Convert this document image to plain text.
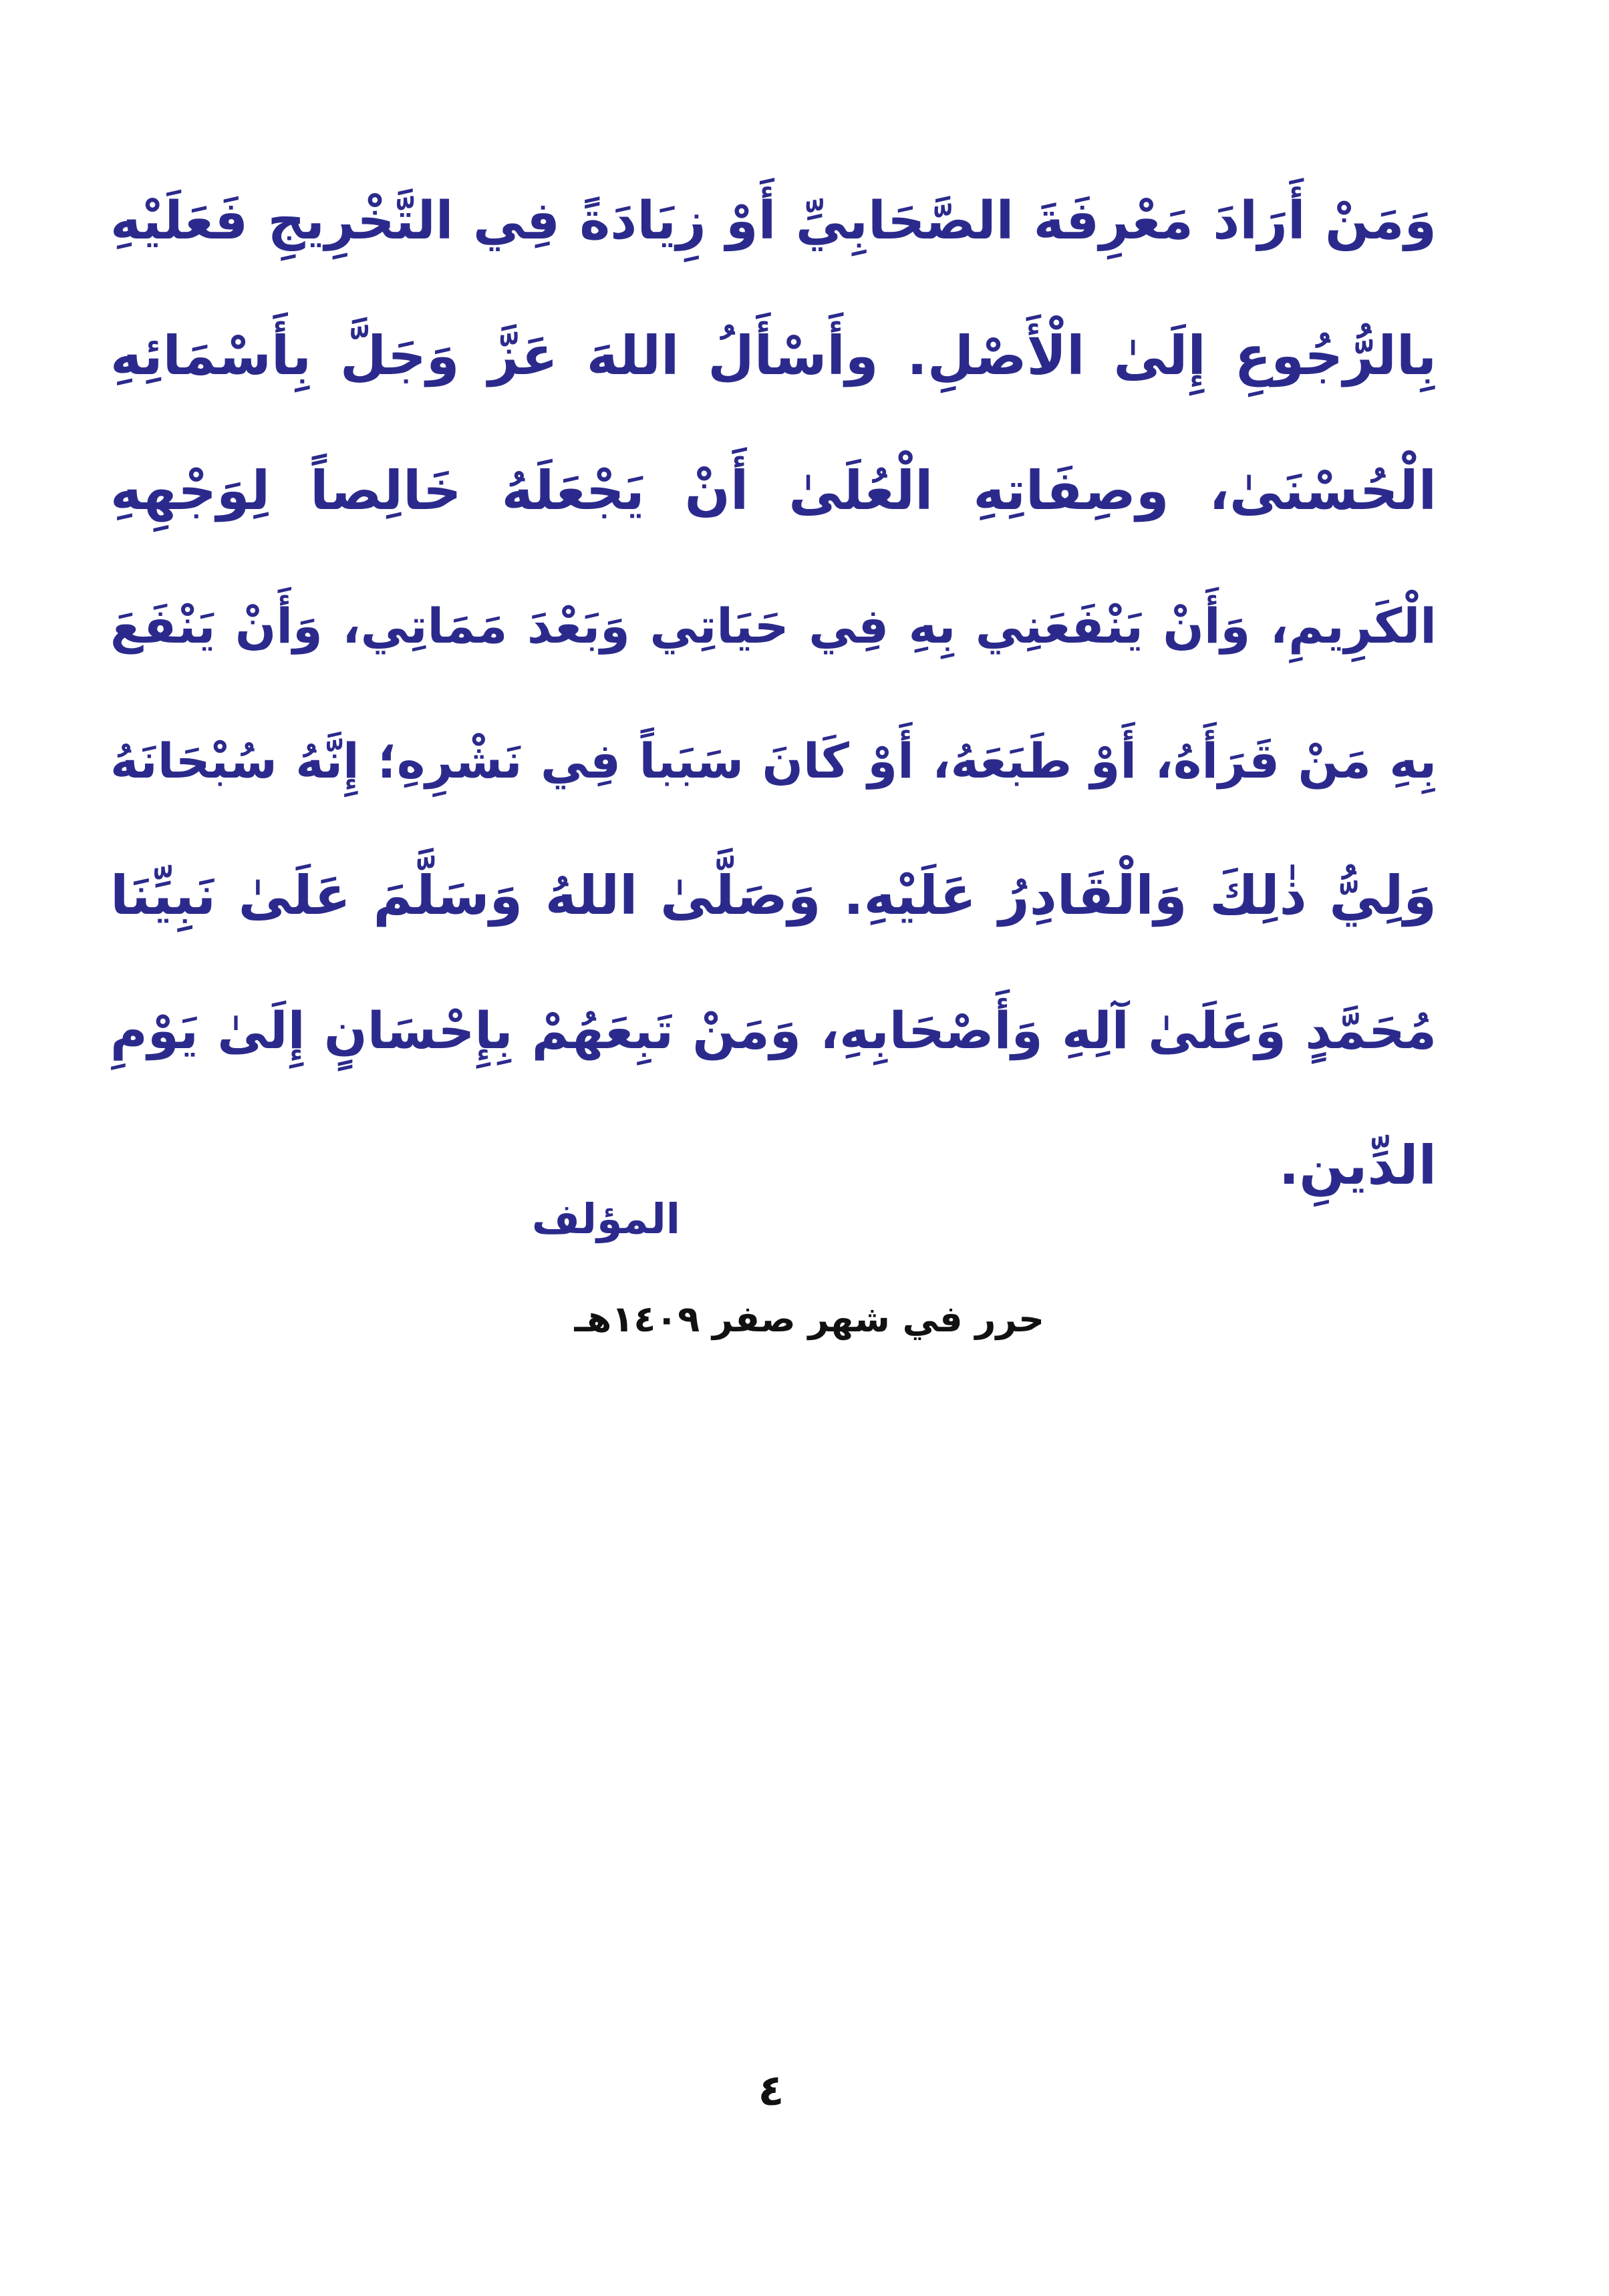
وَمَنْ أَرَادَ مَعْرِفَةَ الصَّحَابِيِّ أَوْ زِيَادَةً فِي التَّخْرِيجِ فَعَلَيْهِ
بِالرُّجُوعِ إِلَىٰ الْأَصْلِ. وأَسْأَلُ اللهَ عَزَّ وَجَلَّ بِأَسْمَائِهِ
الْحُسْنَىٰ، وصِفَاتِهِ الْعُلَىٰ أَنْ يَجْعَلَهُ خَالِصاً لِوَجْهِهِ
الْكَرِيمِ، وَأَنْ يَنْفَعَنِي بِهِ فِي حَيَاتِي وَبَعْدَ مَمَاتِي، وَأَنْ يَنْفَعَ
بِهِ مَنْ قَرَأَهُ، أَوْ طَبَعَهُ، أَوْ كَانَ سَبَباً فِي نَشْرِهِ؛ إِنَّهُ سُبْحَانَهُ
وَلِيُّ ذٰلِكَ وَالْقَادِرُ عَلَيْهِ. وَصَلَّىٰ اللهُ وَسَلَّمَ عَلَىٰ نَبِيِّنَا
مُحَمَّدٍ وَعَلَىٰ آلِهِ وَأَصْحَابِهِ، وَمَنْ تَبِعَهُمْ بِإِحْسَانٍ إِلَىٰ يَوْمِ
الدِّينِ.
المؤلف
حرر في شهر صفر ١٤٠٩هـ
٤
